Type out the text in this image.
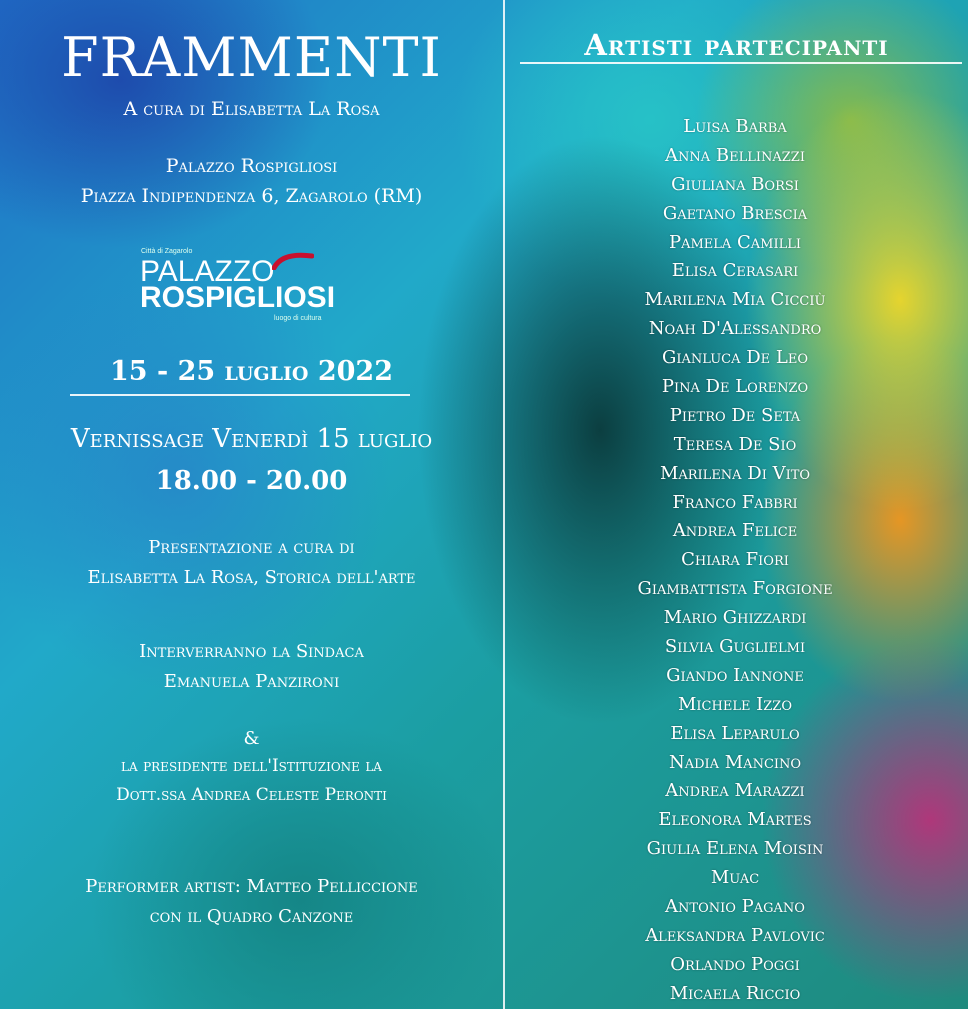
FRAMMENTI
A cura di Elisabetta La Rosa
Palazzo Rospigliosi
Piazza Indipendenza 6, Zagarolo (RM)
Città di Zagarolo
PALAZZO
ROSPIGLIOSI
luogo di cultura
15 - 25 luglio 2022
Vernissage Venerdì 15 luglio
18.00 - 20.00
Presentazione a cura di
Elisabetta La Rosa, Storica dell'arte
Interverranno la Sindaca
Emanuela Panzironi
&
la presidente dell'Istituzione la
Dott.ssa Andrea Celeste Peronti
Performer artist: Matteo Pelliccione
con il Quadro Canzone
Artisti partecipanti
Luisa Barba
Anna Bellinazzi
Giuliana Borsi
Gaetano Brescia
Pamela Camilli
Elisa Cerasari
Marilena Mia Cicciù
Noah D'Alessandro
Gianluca De Leo
Pina De Lorenzo
Pietro De Seta
Teresa De Sio
Marilena Di Vito
Franco Fabbri
Andrea Felice
Chiara Fiori
Giambattista Forgione
Mario Ghizzardi
Silvia Guglielmi
Giando Iannone
Michele Izzo
Elisa Leparulo
Nadia Mancino
Andrea Marazzi
Eleonora Martes
Giulia Elena Moisin
Muac
Antonio Pagano
Aleksandra Pavlovic
Orlando Poggi
Micaela Riccio
